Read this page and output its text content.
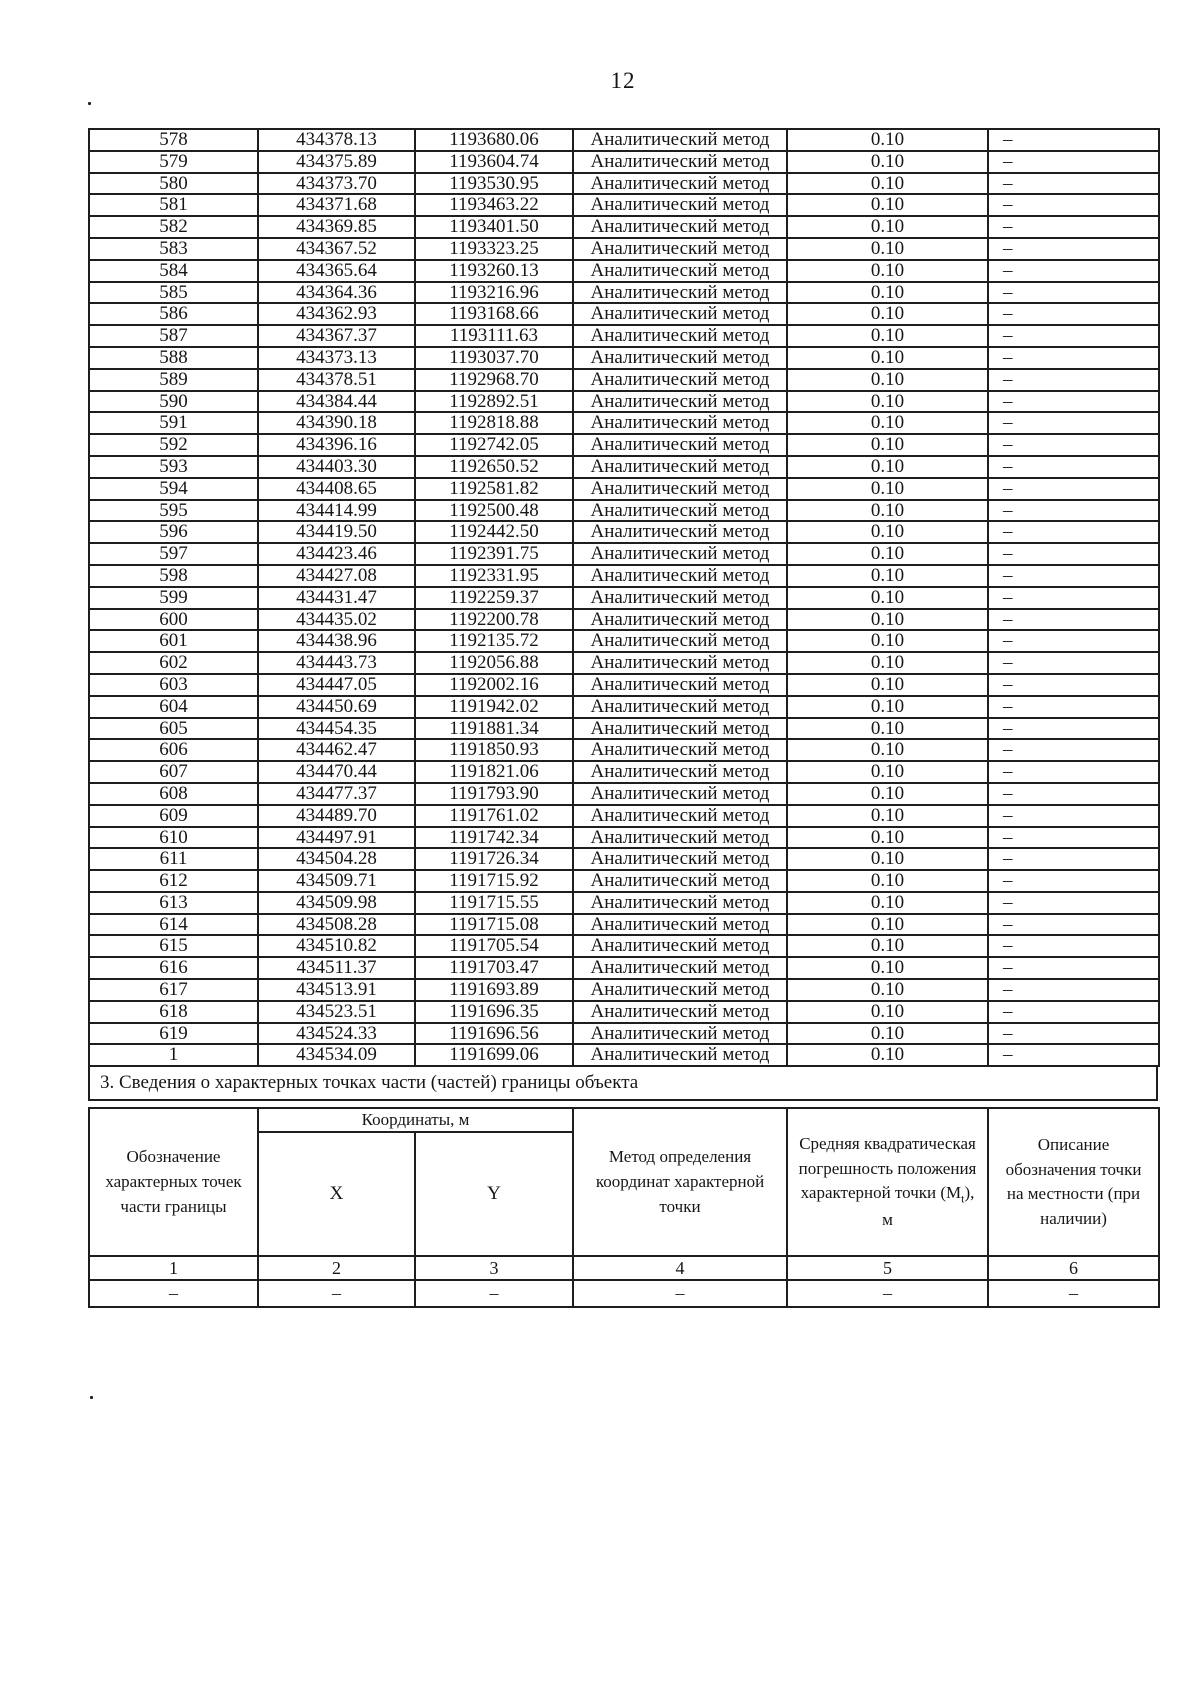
12
578	434378.13	1193680.06	Аналитический метод	0.10	–
579	434375.89	1193604.74	Аналитический метод	0.10	–
580	434373.70	1193530.95	Аналитический метод	0.10	–
581	434371.68	1193463.22	Аналитический метод	0.10	–
582	434369.85	1193401.50	Аналитический метод	0.10	–
583	434367.52	1193323.25	Аналитический метод	0.10	–
584	434365.64	1193260.13	Аналитический метод	0.10	–
585	434364.36	1193216.96	Аналитический метод	0.10	–
586	434362.93	1193168.66	Аналитический метод	0.10	–
587	434367.37	1193111.63	Аналитический метод	0.10	–
588	434373.13	1193037.70	Аналитический метод	0.10	–
589	434378.51	1192968.70	Аналитический метод	0.10	–
590	434384.44	1192892.51	Аналитический метод	0.10	–
591	434390.18	1192818.88	Аналитический метод	0.10	–
592	434396.16	1192742.05	Аналитический метод	0.10	–
593	434403.30	1192650.52	Аналитический метод	0.10	–
594	434408.65	1192581.82	Аналитический метод	0.10	–
595	434414.99	1192500.48	Аналитический метод	0.10	–
596	434419.50	1192442.50	Аналитический метод	0.10	–
597	434423.46	1192391.75	Аналитический метод	0.10	–
598	434427.08	1192331.95	Аналитический метод	0.10	–
599	434431.47	1192259.37	Аналитический метод	0.10	–
600	434435.02	1192200.78	Аналитический метод	0.10	–
601	434438.96	1192135.72	Аналитический метод	0.10	–
602	434443.73	1192056.88	Аналитический метод	0.10	–
603	434447.05	1192002.16	Аналитический метод	0.10	–
604	434450.69	1191942.02	Аналитический метод	0.10	–
605	434454.35	1191881.34	Аналитический метод	0.10	–
606	434462.47	1191850.93	Аналитический метод	0.10	–
607	434470.44	1191821.06	Аналитический метод	0.10	–
608	434477.37	1191793.90	Аналитический метод	0.10	–
609	434489.70	1191761.02	Аналитический метод	0.10	–
610	434497.91	1191742.34	Аналитический метод	0.10	–
611	434504.28	1191726.34	Аналитический метод	0.10	–
612	434509.71	1191715.92	Аналитический метод	0.10	–
613	434509.98	1191715.55	Аналитический метод	0.10	–
614	434508.28	1191715.08	Аналитический метод	0.10	–
615	434510.82	1191705.54	Аналитический метод	0.10	–
616	434511.37	1191703.47	Аналитический метод	0.10	–
617	434513.91	1191693.89	Аналитический метод	0.10	–
618	434523.51	1191696.35	Аналитический метод	0.10	–
619	434524.33	1191696.56	Аналитический метод	0.10	–
1	434534.09	1191699.06	Аналитический метод	0.10	–
3. Сведения о характерных точках части (частей) границы объекта
Обозначение характерных точек части границы	Координаты, м		Метод определения координат характерной точки	Средняя квадратическая погрешность положения характерной точки $(М_t)$, м	Описание обозначения точки на местности (при наличии)
	X	Y			
1	2	3	4	5	6
–	–	–	–	–	–
